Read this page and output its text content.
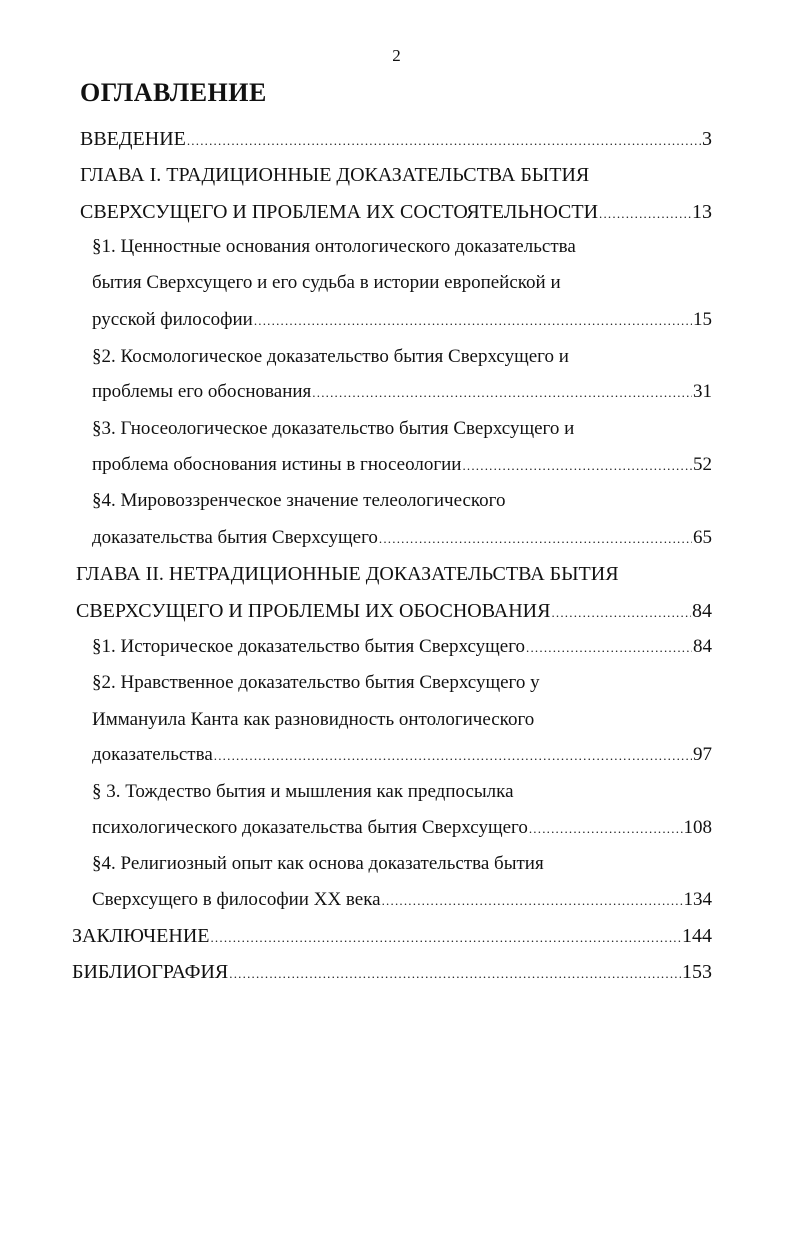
2
ОГЛАВЛЕНИЕ
ВВЕДЕНИЕ .....	3
ГЛАВА I. ТРАДИЦИОННЫЕ ДОКАЗАТЕЛЬСТВА БЫТИЯ
СВЕРХСУЩЕГО И ПРОБЛЕМА ИХ СОСТОЯТЕЛЬНОСТИ .....	13
§1. Ценностные основания онтологического доказательства
бытия Сверхсущего и его судьба в истории европейской и
русской философии .....	15
§2. Космологическое доказательство бытия Сверхсущего и
проблемы его обоснования .....	31
§3. Гносеологическое доказательство бытия Сверхсущего и
проблема обоснования истины в гносеологии .....	52
§4. Мировоззренческое значение телеологического
доказательства бытия Сверхсущего .....	65
ГЛАВА II. НЕТРАДИЦИОННЫЕ ДОКАЗАТЕЛЬСТВА БЫТИЯ
СВЕРХСУЩЕГО И ПРОБЛЕМЫ ИХ ОБОСНОВАНИЯ .....	84
§1. Историческое доказательство бытия Сверхсущего .....	84
§2. Нравственное доказательство бытия Сверхсущего у
Иммануила Канта как разновидность онтологического
доказательства .....	97
§ 3. Тождество бытия и мышления как предпосылка
психологического доказательства бытия Сверхсущего .....	108
§4. Религиозный опыт как основа доказательства бытия
Сверхсущего в философии XX века .....	134
ЗАКЛЮЧЕНИЕ .....	144
БИБЛИОГРАФИЯ .....	153
